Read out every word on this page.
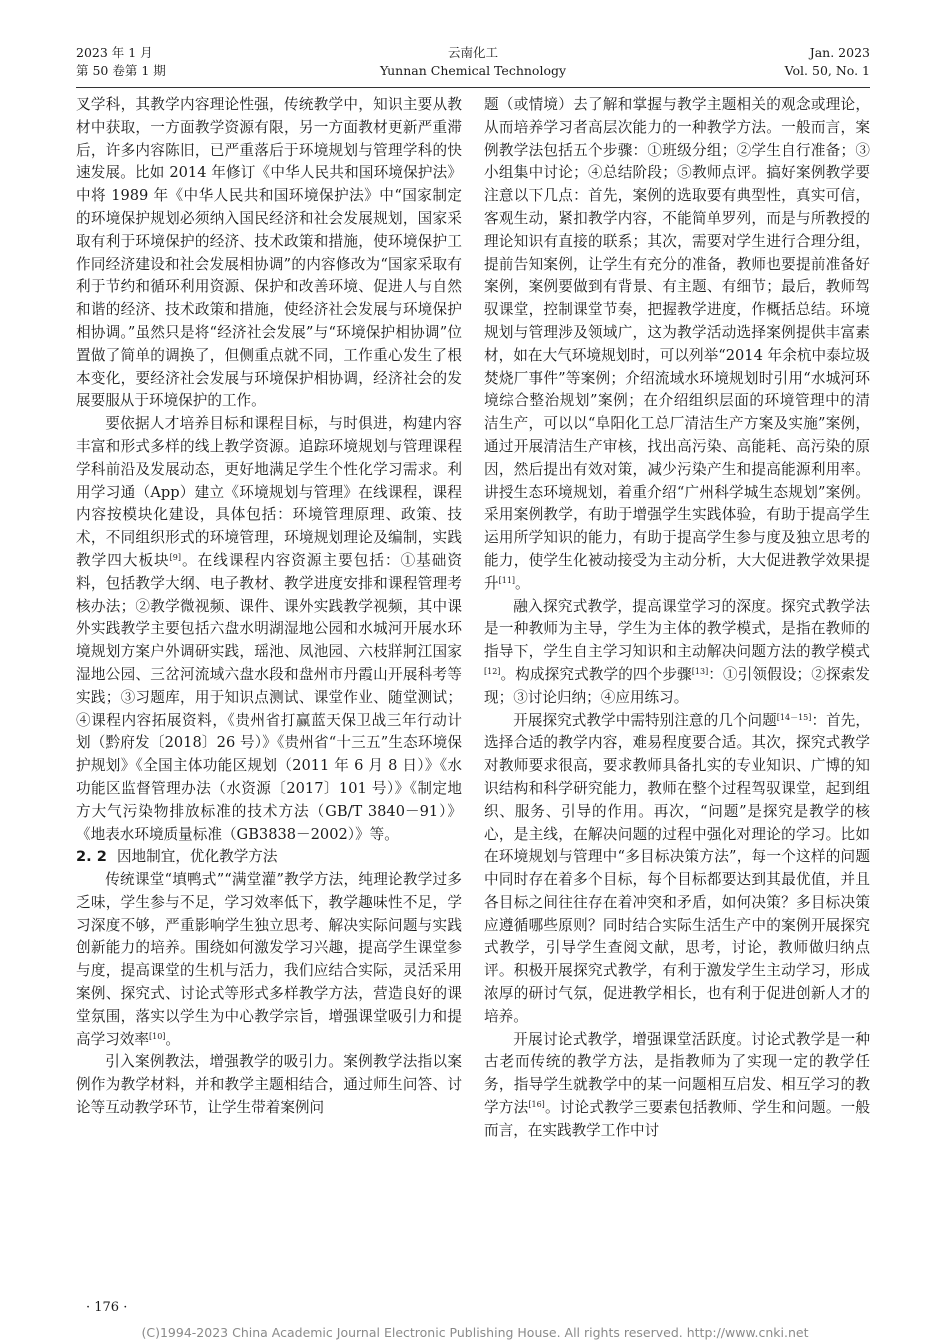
2023 年 1 月
第 50 卷第 1 期
云南化工
Yunnan Chemical Technology
Jan. 2023
Vol. 50, No. 1

叉学科，其教学内容理论性强，传统教学中，知识主要从教材中获取，一方面教学资源有限，另一方面教材更新严重滞后，许多内容陈旧，已严重落后于环境规划与管理学科的快速发展。比如 2014 年修订《中华人民共和国环境保护法》中将 1989 年《中华人民共和国环境保护法》中“国家制定的环境保护规划必须纳入国民经济和社会发展规划，国家采取有利于环境保护的经济、技术政策和措施，使环境保护工作同经济建设和社会发展相协调”的内容修改为“国家采取有利于节约和循环利用资源、保护和改善环境、促进人与自然和谐的经济、技术政策和措施，使经济社会发展与环境保护相协调。”虽然只是将“经济社会发展”与“环境保护相协调”位置做了简单的调换了，但侧重点就不同，工作重心发生了根本变化，要经济社会发展与环境保护相协调，经济社会的发展要服从于环境保护的工作。

要依据人才培养目标和课程目标，与时俱进，构建内容丰富和形式多样的线上教学资源。追踪环境规划与管理课程学科前沿及发展动态，更好地满足学生个性化学习需求。利用学习通（App）建立《环境规划与管理》在线课程，课程内容按模块化建设，具体包括：环境管理原理、政策、技术，不同组织形式的环境管理，环境规划理论及编制，实践教学四大板块[9]。在线课程内容资源主要包括：①基础资料，包括教学大纲、电子教材、教学进度安排和课程管理考核办法；②教学微视频、课件、课外实践教学视频，其中课外实践教学主要包括六盘水明湖湿地公园和水城河开展水环境规划方案户外调研实践，瑶池、凤池园、六枝牂牁江国家湿地公园、三岔河流域六盘水段和盘州市丹霞山开展科考等实践；③习题库，用于知识点测试、课堂作业、随堂测试；④课程内容拓展资料，《贵州省打赢蓝天保卫战三年行动计划（黔府发〔2018〕26 号）》《贵州省“十三五”生态环境保护规划》《全国主体功能区规划（2011 年 6 月 8 日）》《水功能区监督管理办法（水资源〔2017〕101 号）》《制定地方大气污染物排放标准的技术方法（GB/T 3840－91）》《地表水环境质量标准（GB3838－2002）》等。

2. 2 因地制宜，优化教学方法

传统课堂“填鸭式”“满堂灌”教学方法，纯理论教学过多乏味，学生参与不足，学习效率低下，教学趣味性不足，学习深度不够，严重影响学生独立思考、解决实际问题与实践创新能力的培养。围绕如何激发学习兴趣，提高学生课堂参与度，提高课堂的生机与活力，我们应结合实际，灵活采用案例、探究式、讨论式等形式多样教学方法，营造良好的课堂氛围，落实以学生为中心教学宗旨，增强课堂吸引力和提高学习效率[10]。

引入案例教法，增强教学的吸引力。案例教学法指以案例作为教学材料，并和教学主题相结合，通过师生问答、讨论等互动教学环节，让学生带着案例问

题（或情境）去了解和掌握与教学主题相关的观念或理论，从而培养学习者高层次能力的一种教学方法。一般而言，案例教学法包括五个步骤：①班级分组；②学生自行准备；③小组集中讨论；④总结阶段；⑤教师点评。搞好案例教学要注意以下几点：首先，案例的选取要有典型性，真实可信，客观生动，紧扣教学内容，不能简单罗列，而是与所教授的理论知识有直接的联系；其次，需要对学生进行合理分组，提前告知案例，让学生有充分的准备，教师也要提前准备好案例，案例要做到有背景、有主题、有细节；最后，教师驾驭课堂，控制课堂节奏，把握教学进度，作概括总结。环境规划与管理涉及领域广，这为教学活动选择案例提供丰富素材，如在大气环境规划时，可以列举“2014 年余杭中泰垃圾焚烧厂事件”等案例；介绍流域水环境规划时引用“水城河环境综合整治规划”案例；在介绍组织层面的环境管理中的清洁生产，可以以“阜阳化工总厂清洁生产方案及实施”案例，通过开展清洁生产审核，找出高污染、高能耗、高污染的原因，然后提出有效对策，减少污染产生和提高能源利用率。讲授生态环境规划，着重介绍“广州科学城生态规划”案例。采用案例教学，有助于增强学生实践体验，有助于提高学生运用所学知识的能力，有助于提高学生参与度及独立思考的能力，使学生化被动接受为主动分析，大大促进教学效果提升[11]。

融入探究式教学，提高课堂学习的深度。探究式教学法是一种教师为主导，学生为主体的教学模式，是指在教师的指导下，学生自主学习知识和主动解决问题方法的教学模式[12]。构成探究式教学的四个步骤[13]：①引领假设；②探索发现；③讨论归纳；④应用练习。

开展探究式教学中需特别注意的几个问题[14－15]：首先，选择合适的教学内容，难易程度要合适。其次，探究式教学对教师要求很高，要求教师具备扎实的专业知识、广博的知识结构和科学研究能力，教师在整个过程驾驭课堂，起到组织、服务、引导的作用。再次，“问题”是探究是教学的核心，是主线，在解决问题的过程中强化对理论的学习。比如在环境规划与管理中“多目标决策方法”，每一个这样的问题中同时存在着多个目标，每个目标都要达到其最优值，并且各目标之间往往存在着冲突和矛盾，如何决策？多目标决策应遵循哪些原则？同时结合实际生活生产中的案例开展探究式教学，引导学生查阅文献，思考，讨论，教师做归纳点评。积极开展探究式教学，有利于激发学生主动学习，形成浓厚的研讨气氛，促进教学相长，也有利于促进创新人才的培养。

开展讨论式教学，增强课堂活跃度。讨论式教学是一种古老而传统的教学方法，是指教师为了实现一定的教学任务，指导学生就教学中的某一问题相互启发、相互学习的教学方法[16]。讨论式教学三要素包括教师、学生和问题。一般而言，在实践教学工作中讨

· 176 ·
(C)1994-2023 China Academic Journal Electronic Publishing House. All rights reserved. http://www.cnki.net
